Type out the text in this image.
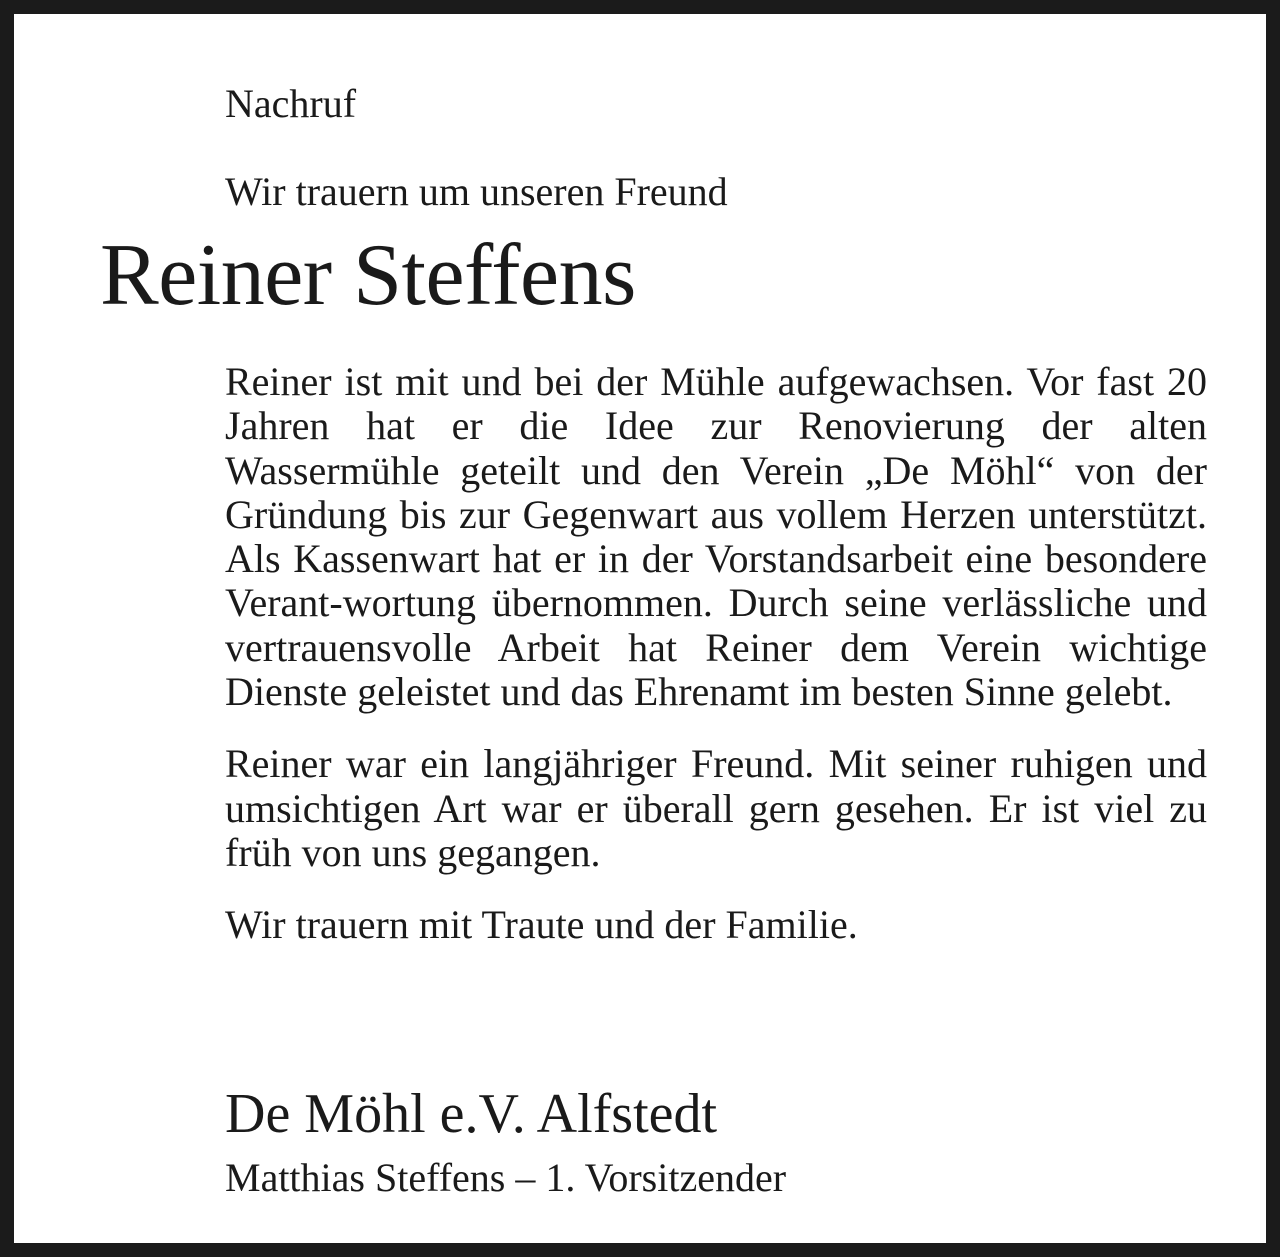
Nachruf
Wir trauern um unseren Freund
Reiner Steffens

Reiner ist mit und bei der Mühle aufgewachsen. Vor fast 20 Jahren hat er die Idee zur Renovierung der alten Wassermühle geteilt und den Verein „De Möhl“ von der Gründung bis zur Gegenwart aus vollem Herzen unterstützt. Als Kassenwart hat er in der Vorstandsarbeit eine besondere Verant-wortung übernommen. Durch seine verlässliche und vertrauensvolle Arbeit hat Reiner dem Verein wichtige Dienste geleistet und das Ehrenamt im besten Sinne gelebt.

Reiner war ein langjähriger Freund. Mit seiner ruhigen und umsichtigen Art war er überall gern gesehen. Er ist viel zu früh von uns gegangen.

Wir trauern mit Traute und der Familie.

De Möhl e.V. Alfstedt
Matthias Steffens – 1. Vorsitzender
